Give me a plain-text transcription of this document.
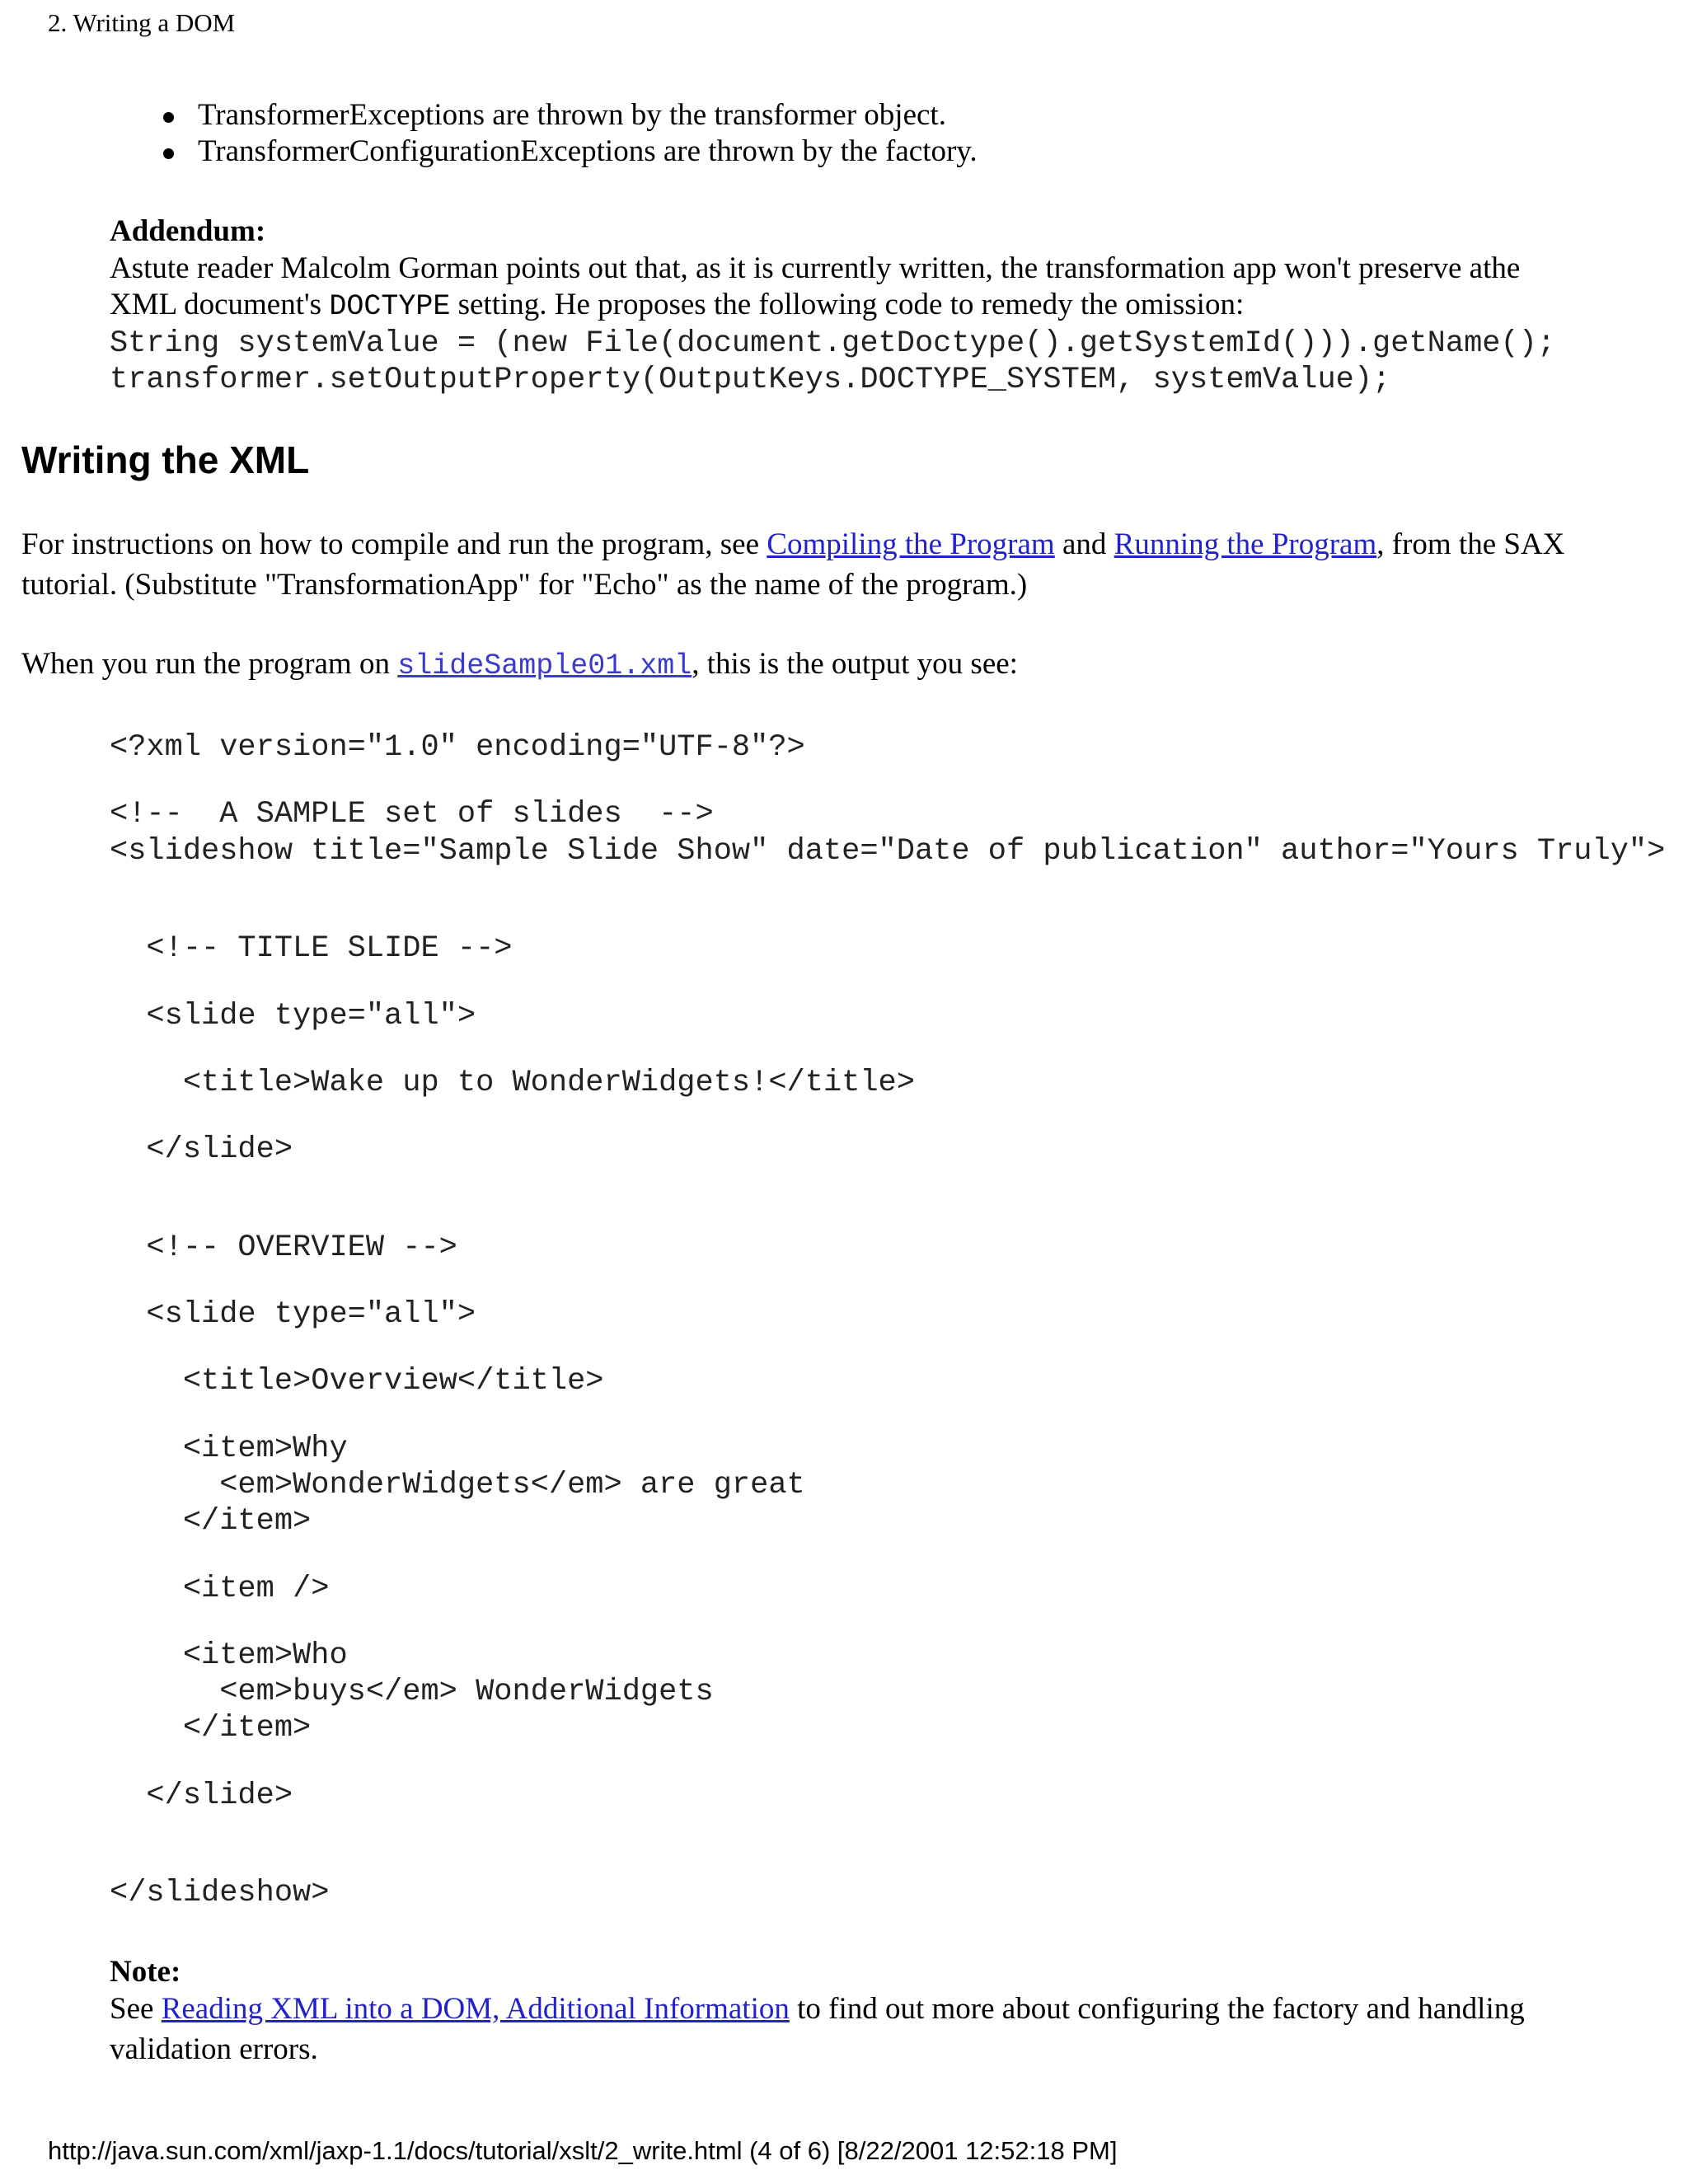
2. Writing a DOM
TransformerExceptions are thrown by the transformer object.
TransformerConfigurationExceptions are thrown by the factory.
Addendum:
Astute reader Malcolm Gorman points out that, as it is currently written, the transformation app won't preserve athe
XML document's DOCTYPE setting. He proposes the following code to remedy the omission:
String systemValue = (new File(document.getDoctype().getSystemId())).getName();
transformer.setOutputProperty(OutputKeys.DOCTYPE_SYSTEM, systemValue);
Writing the XML
For instructions on how to compile and run the program, see Compiling the Program and Running the Program, from the SAX
tutorial. (Substitute "TransformationApp" for "Echo" as the name of the program.)
When you run the program on slideSample01.xml, this is the output you see:
<?xml version="1.0" encoding="UTF-8"?>
<!--  A SAMPLE set of slides  -->
<slideshow title="Sample Slide Show" date="Date of publication" author="Yours Truly">
<!-- TITLE SLIDE -->
<slide type="all">
<title>Wake up to WonderWidgets!</title>
</slide>
<!-- OVERVIEW -->
<slide type="all">
<title>Overview</title>
<item>Why
<em>WonderWidgets</em> are great
</item>
<item />
<item>Who
<em>buys</em> WonderWidgets
</item>
</slide>
</slideshow>
Note:
See Reading XML into a DOM, Additional Information to find out more about configuring the factory and handling
validation errors.
http://java.sun.com/xml/jaxp-1.1/docs/tutorial/xslt/2_write.html (4 of 6) [8/22/2001 12:52:18 PM]
